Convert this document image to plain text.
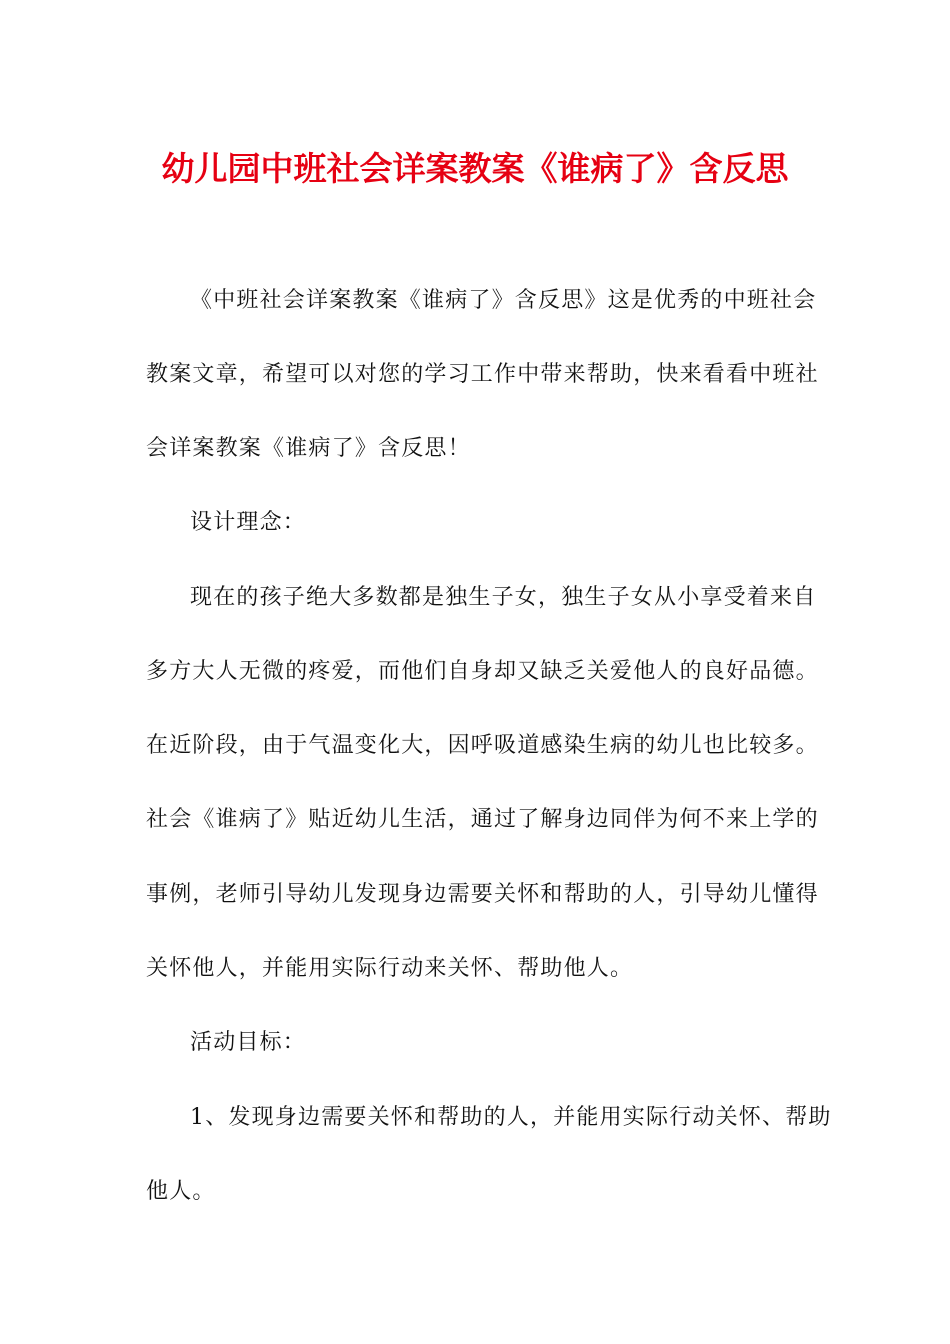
幼儿园中班社会详案教案《谁病了》含反思

《中班社会详案教案《谁病了》含反思》这是优秀的中班社会

教案文章，希望可以对您的学习工作中带来帮助，快来看看中班社

会详案教案《谁病了》含反思！

设计理念：

现在的孩子绝大多数都是独生子女，独生子女从小享受着来自

多方大人无微的疼爱，而他们自身却又缺乏关爱他人的良好品德。

在近阶段，由于气温变化大，因呼吸道感染生病的幼儿也比较多。

社会《谁病了》贴近幼儿生活，通过了解身边同伴为何不来上学的

事例，老师引导幼儿发现身边需要关怀和帮助的人，引导幼儿懂得

关怀他人，并能用实际行动来关怀、帮助他人。

活动目标：

1、发现身边需要关怀和帮助的人，并能用实际行动关怀、帮助

他人。
